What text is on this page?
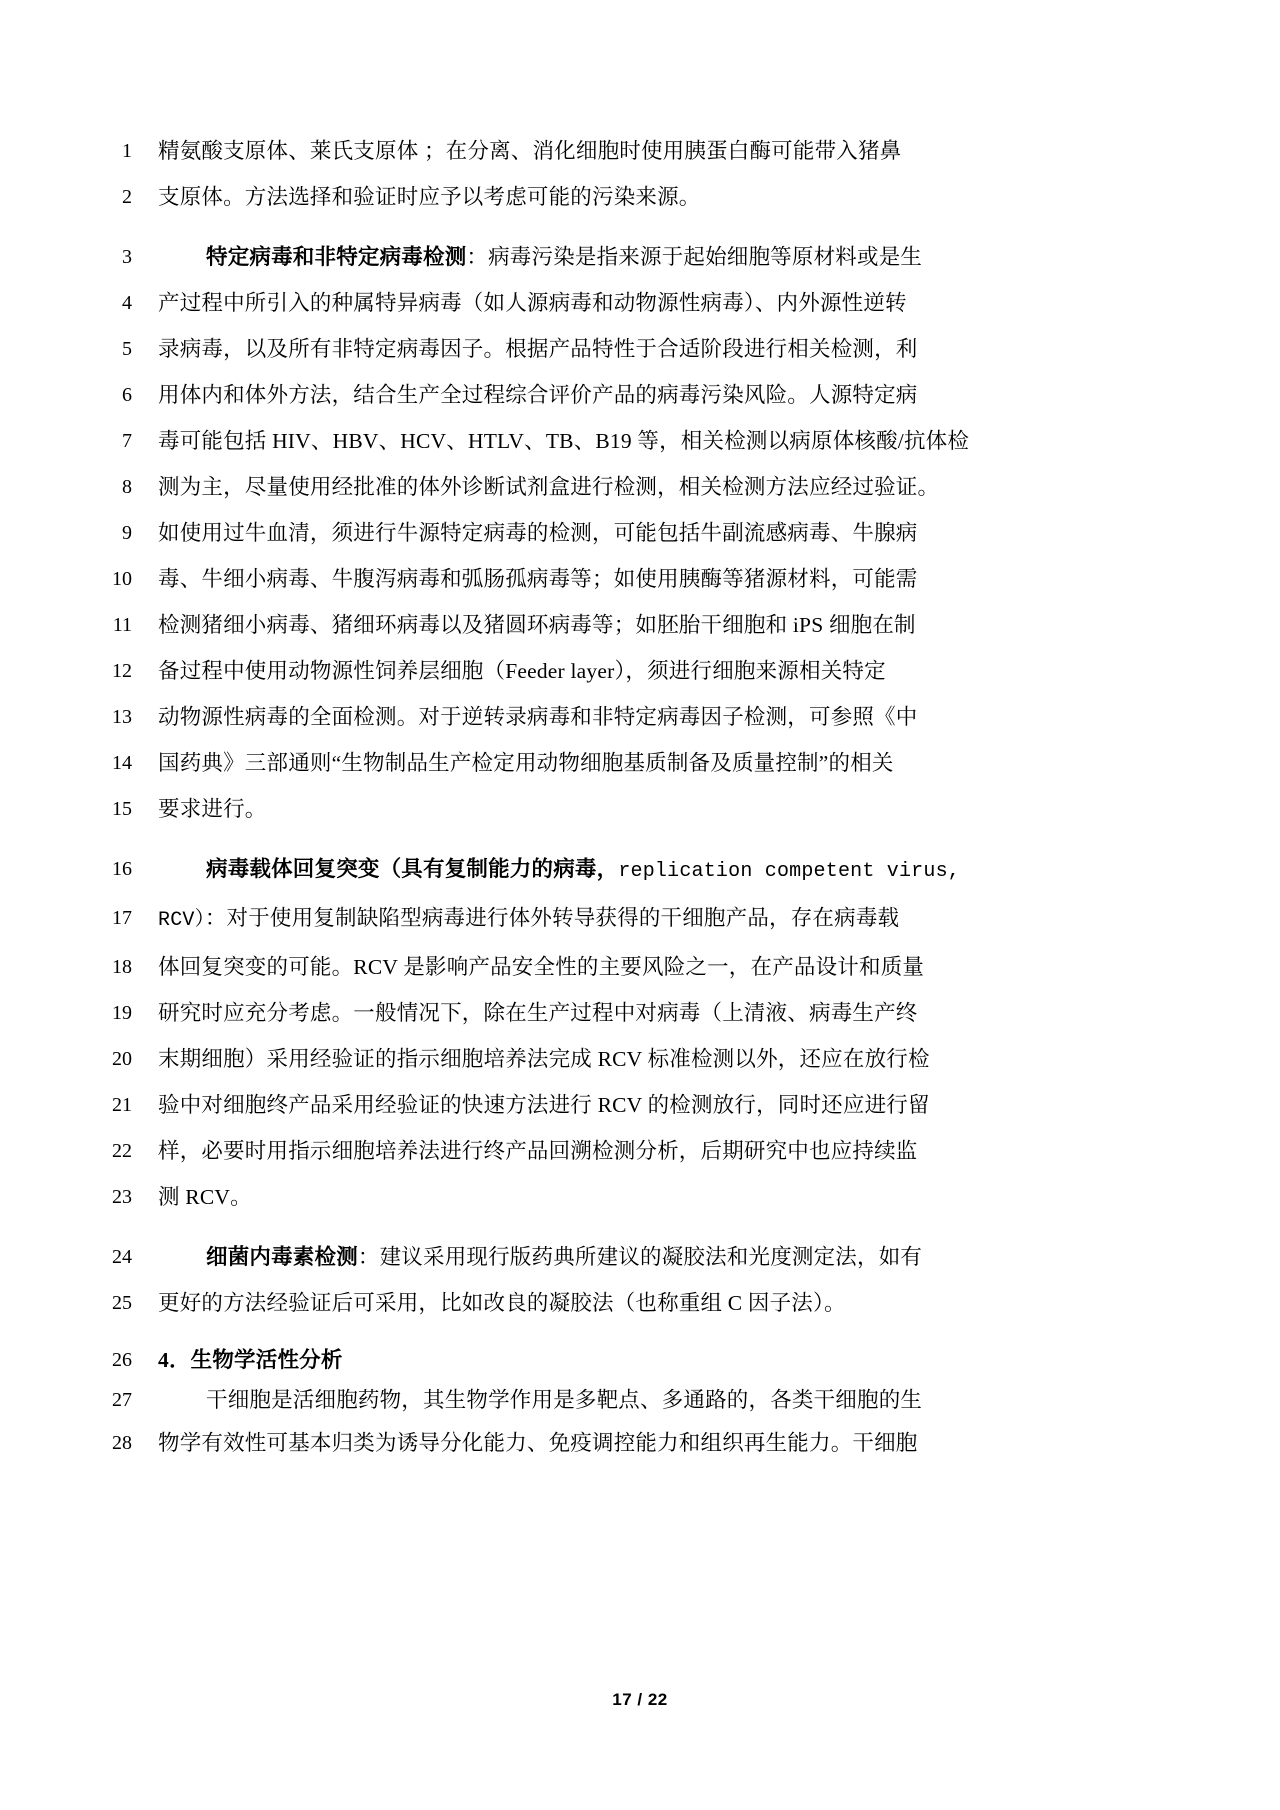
1	精氨酸支原体、莱氏支原体 ；在分离、消化细胞时使用胰蛋白酶可能带入猪鼻
2	支原体。方法选择和验证时应予以考虑可能的污染来源。
3	特定病毒和非特定病毒检测：病毒污染是指来源于起始细胞等原材料或是生
4	产过程中所引入的种属特异病毒（如人源病毒和动物源性病毒）、内外源性逆转
5	录病毒，以及所有非特定病毒因子。根据产品特性于合适阶段进行相关检测，利
6	用体内和体外方法，结合生产全过程综合评价产品的病毒污染风险。人源特定病
7	毒可能包括 HIV、HBV、HCV、HTLV、TB、B19 等，相关检测以病原体核酸/抗体检
8	测为主，尽量使用经批准的体外诊断试剂盒进行检测，相关检测方法应经过验证。
9	如使用过牛血清，须进行牛源特定病毒的检测，可能包括牛副流感病毒、牛腺病
10	毒、牛细小病毒、牛腹泻病毒和弧肠孤病毒等；如使用胰酶等猪源材料，可能需
11	检测猪细小病毒、猪细环病毒以及猪圆环病毒等；如胚胎干细胞和 iPS 细胞在制
12	备过程中使用动物源性饲养层细胞（Feeder layer），须进行细胞来源相关特定
13	动物源性病毒的全面检测。对于逆转录病毒和非特定病毒因子检测，可参照《中
14	国药典》三部通则“生物制品生产检定用动物细胞基质制备及质量控制”的相关
15	要求进行。
16	病毒载体回复突变（具有复制能力的病毒，replication competent virus,
17	RCV）：对于使用复制缺陷型病毒进行体外转导获得的干细胞产品，存在病毒载
18	体回复突变的可能。RCV 是影响产品安全性的主要风险之一，在产品设计和质量
19	研究时应充分考虑。一般情况下，除在生产过程中对病毒（上清液、病毒生产终
20	末期细胞）采用经验证的指示细胞培养法完成 RCV 标准检测以外，还应在放行检
21	验中对细胞终产品采用经验证的快速方法进行 RCV 的检测放行，同时还应进行留
22	样，必要时用指示细胞培养法进行终产品回溯检测分析，后期研究中也应持续监
23	测 RCV。
24	细菌内毒素检测：建议采用现行版药典所建议的凝胶法和光度测定法，如有
25	更好的方法经验证后可采用，比如改良的凝胶法（也称重组 C 因子法）。
26	4．生物学活性分析
27	干细胞是活细胞药物，其生物学作用是多靶点、多通路的，各类干细胞的生
28	物学有效性可基本归类为诱导分化能力、免疫调控能力和组织再生能力。干细胞
17 / 22
